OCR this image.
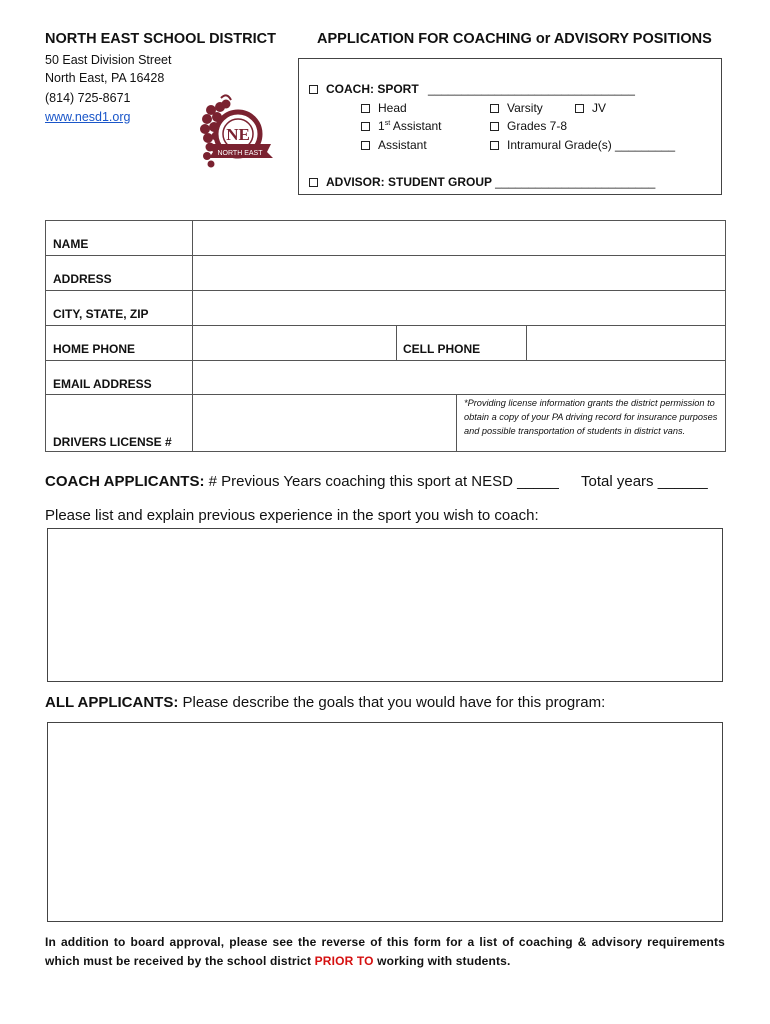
NORTH EAST SCHOOL DISTRICT
50 East Division Street
North East, PA 16428
(814) 725-8671
www.nesd1.org
NE
NORTH EAST
APPLICATION FOR COACHING or ADVISORY POSITIONS
COACH: SPORT _______________________________
Head
1st Assistant
Assistant
Varsity	JV
Grades 7-8
Intramural Grade(s) _________
ADVISOR: STUDENT GROUP ________________________
NAME
ADDRESS
CITY, STATE, ZIP
HOME PHONE	CELL PHONE
EMAIL ADDRESS
DRIVERS LICENSE #
*Providing license information grants the district permission to obtain a copy of your PA driving record for insurance purposes and possible transportation of students in district vans.
COACH APPLICANTS: # Previous Years coaching this sport at NESD _____ Total years ______
Please list and explain previous experience in the sport you wish to coach:
ALL APPLICANTS: Please describe the goals that you would have for this program:
In addition to board approval, please see the reverse of this form for a list of coaching & advisory requirements which must be received by the school district PRIOR TO working with students.
